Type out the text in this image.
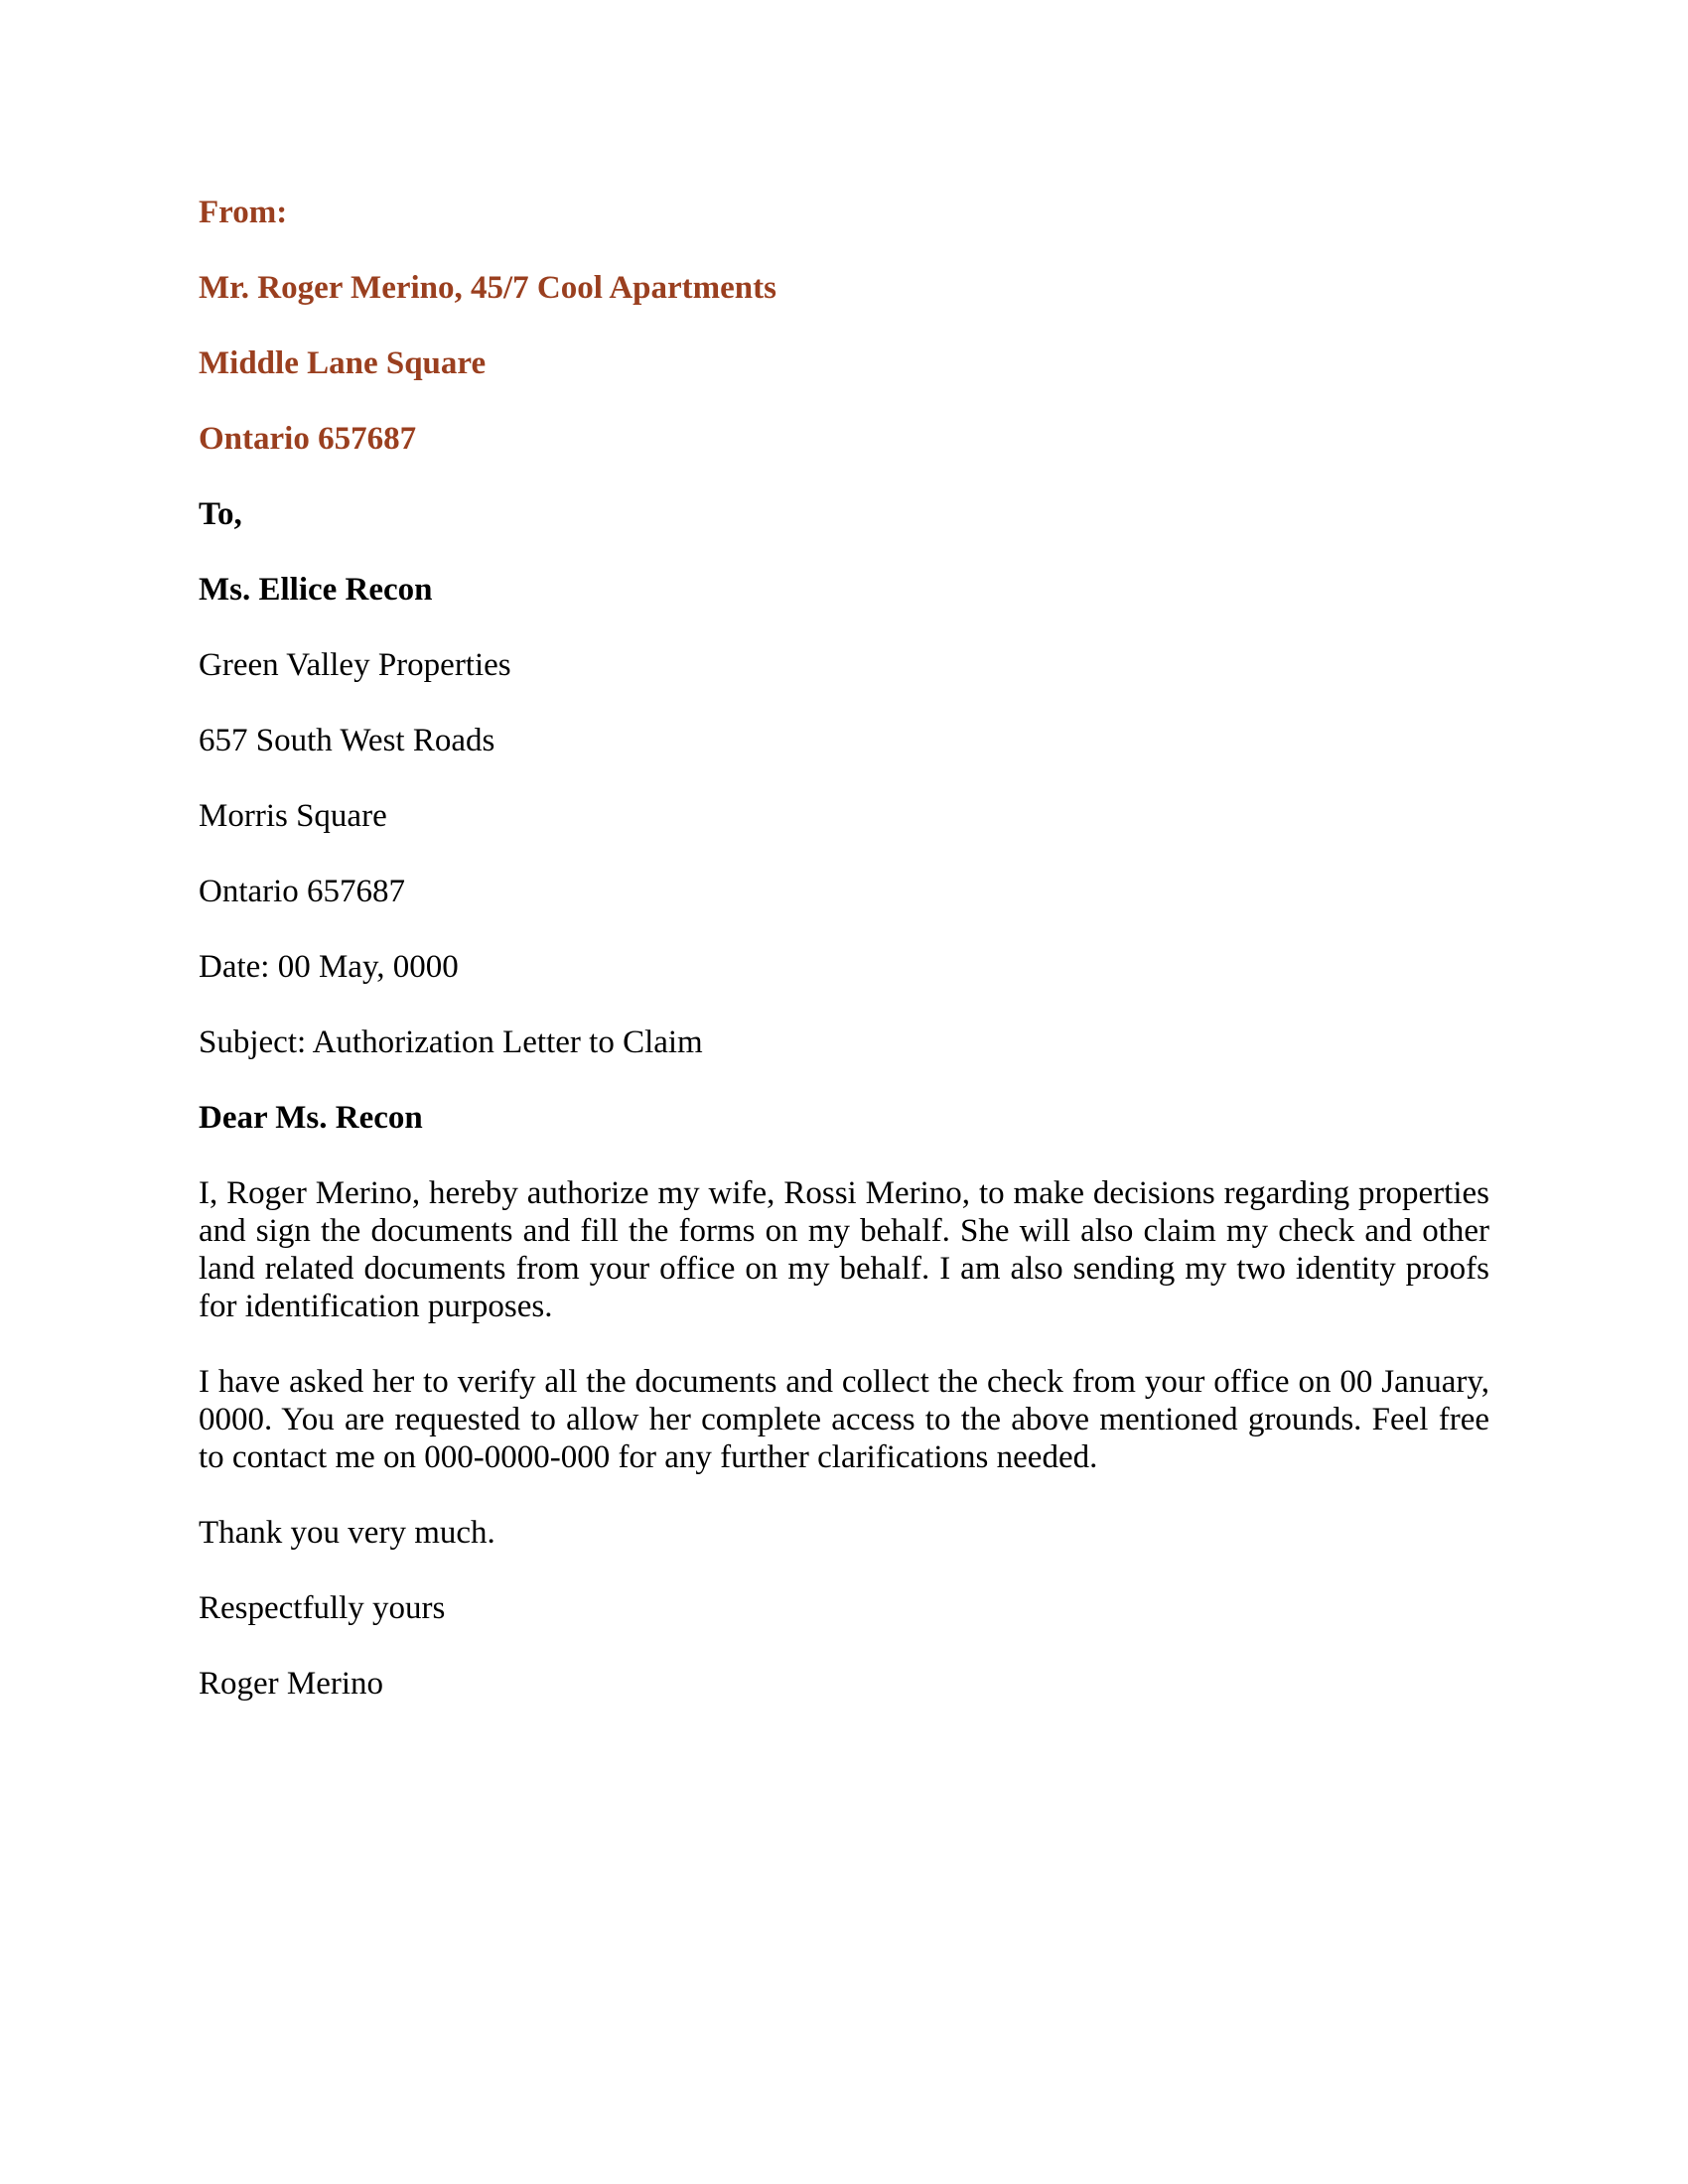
From:

Mr. Roger Merino, 45/7 Cool Apartments

Middle Lane Square

Ontario 657687

To,

Ms. Ellice Recon

Green Valley Properties

657 South West Roads

Morris Square

Ontario 657687

Date: 00 May, 0000

Subject: Authorization Letter to Claim

Dear Ms. Recon

I, Roger Merino, hereby authorize my wife, Rossi Merino, to make decisions regarding properties and sign the documents and fill the forms on my behalf. She will also claim my check and other land related documents from your office on my behalf. I am also sending my two identity proofs for identification purposes.

I have asked her to verify all the documents and collect the check from your office on 00 January, 0000. You are requested to allow her complete access to the above mentioned grounds. Feel free to contact me on 000-0000-000 for any further clarifications needed.

Thank you very much.

Respectfully yours

Roger Merino
